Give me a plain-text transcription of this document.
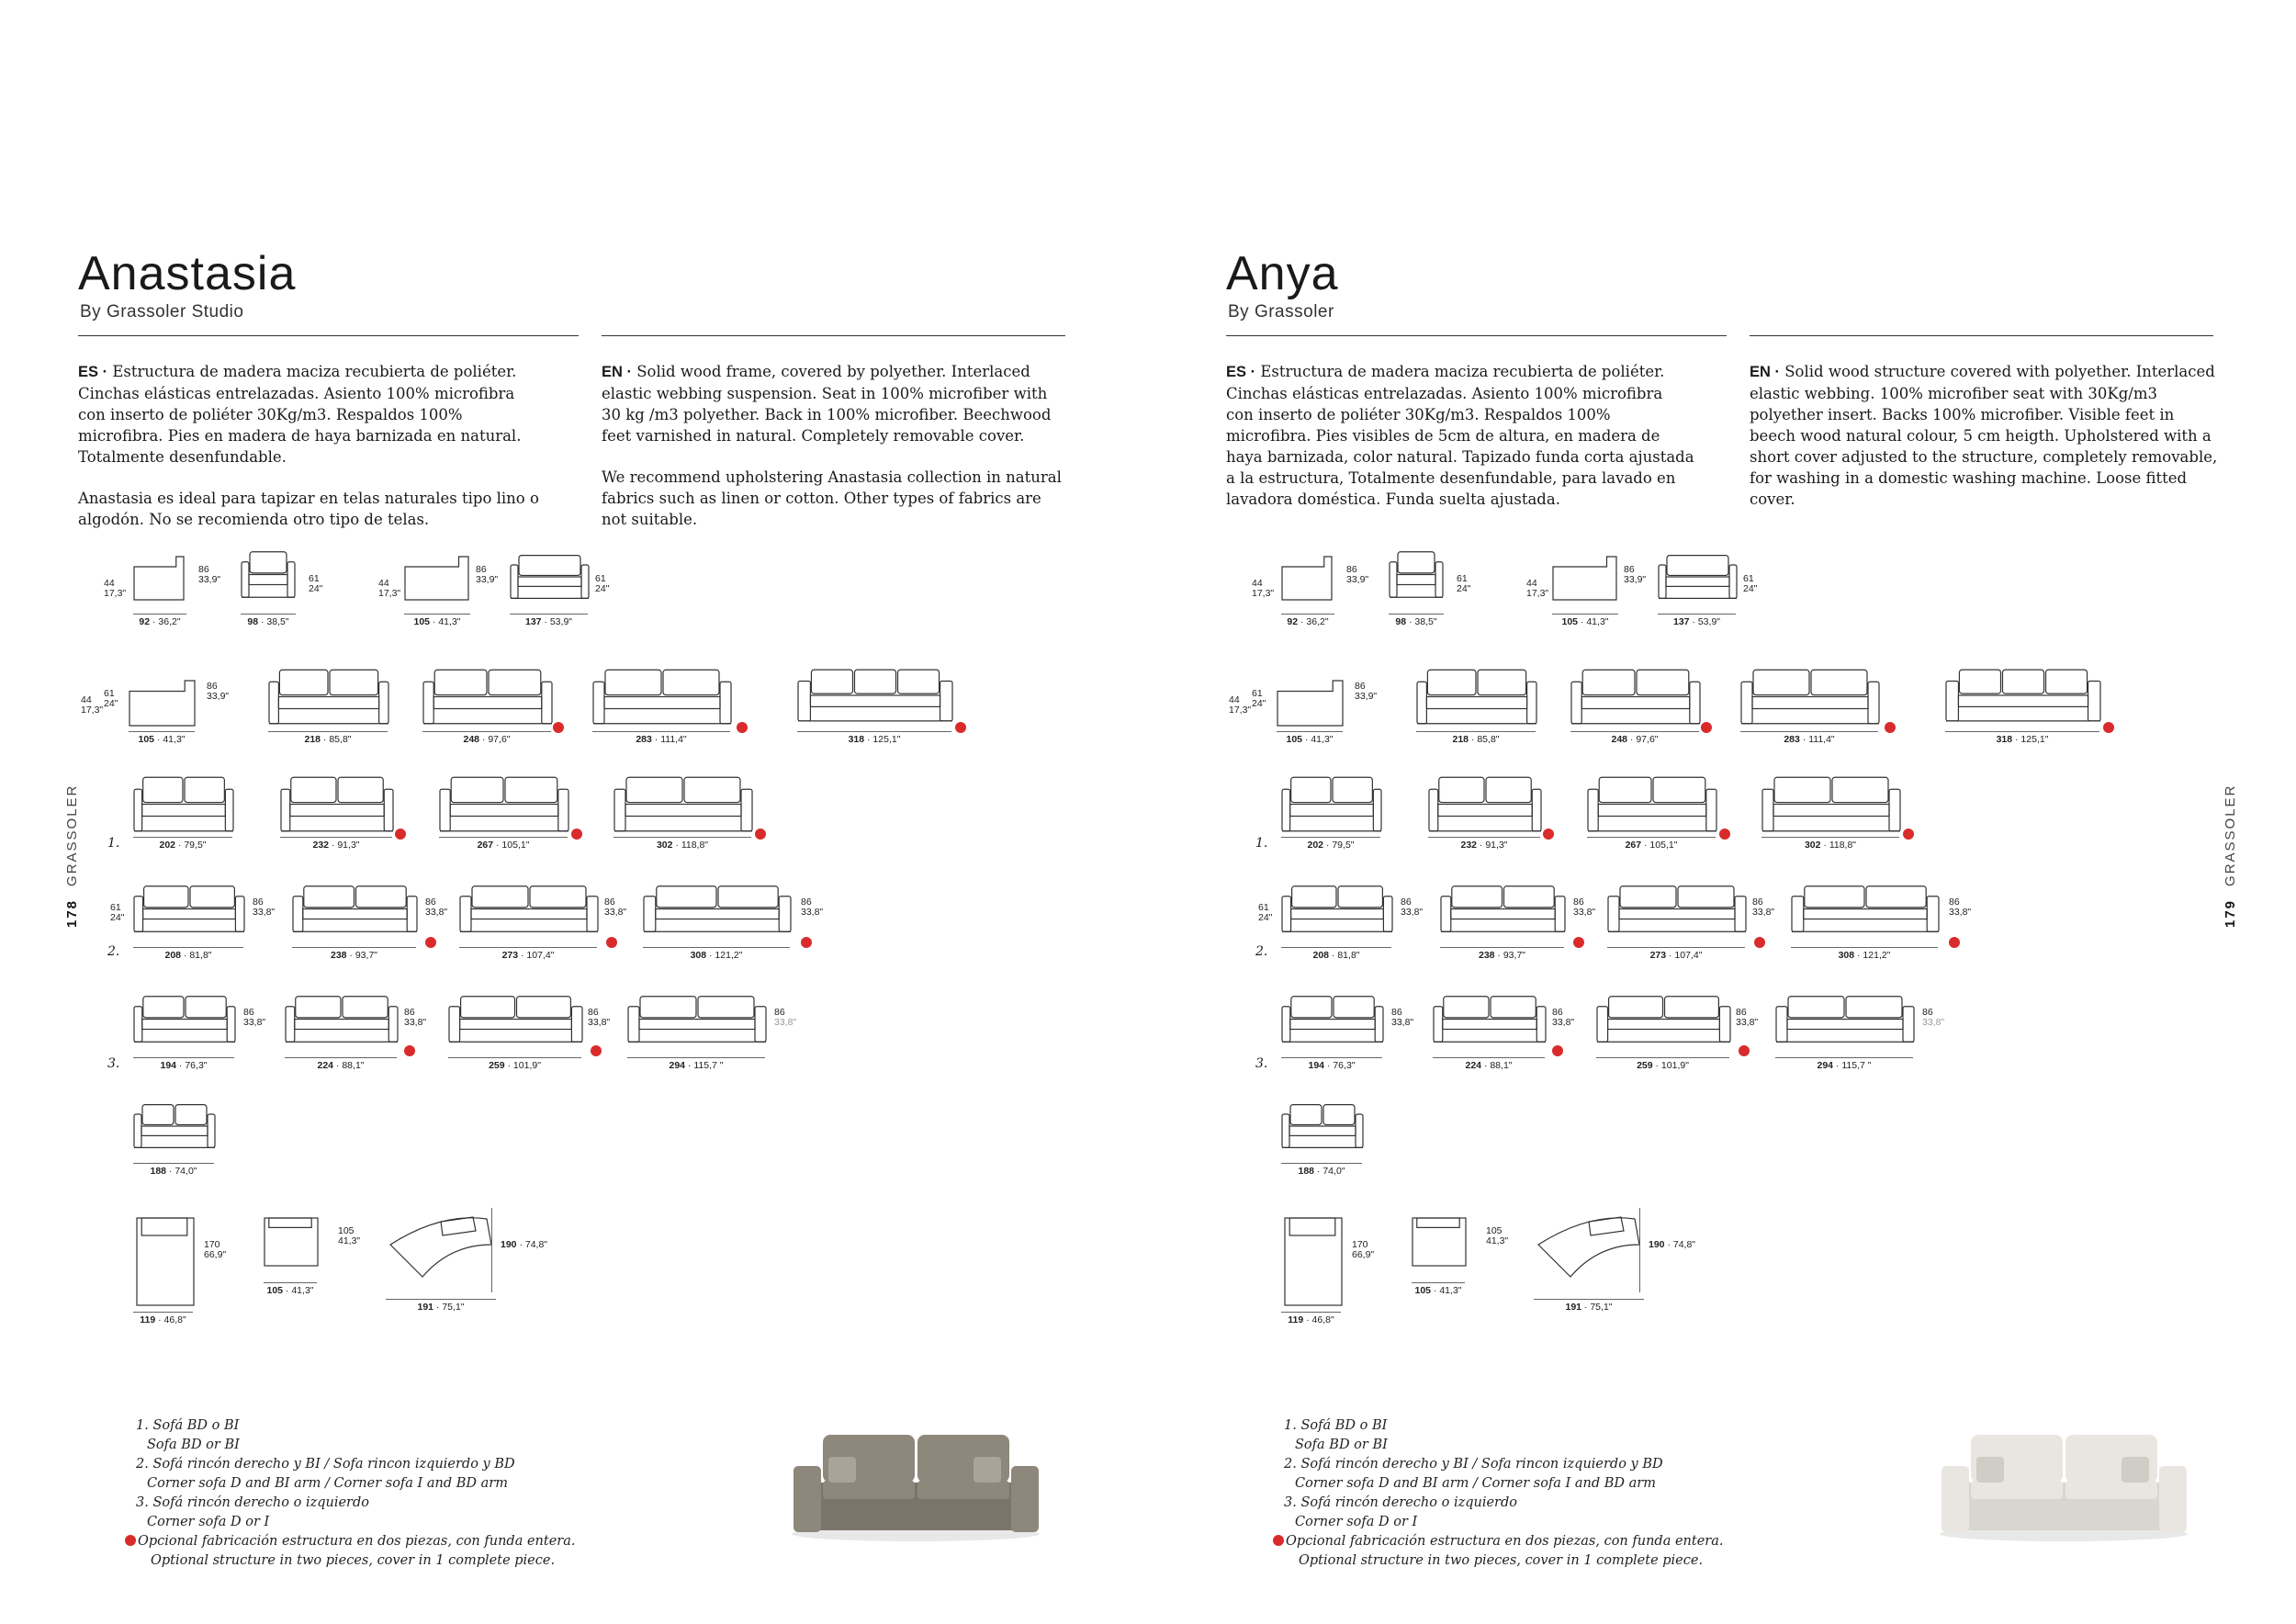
Anastasia
By Grassoler Studio

ES · Estructura de madera maciza recubierta de poliéter. Cinchas elásticas entrelazadas. Asiento 100% microfibra con inserto de poliéter 30Kg/m3. Respaldos 100% microfibra. Pies en madera de haya barnizada en natural. Totalmente desenfundable.

Anastasia es ideal para tapizar en telas naturales tipo lino o algodón. No se recomienda otro tipo de telas.

EN · Solid wood frame, covered by polyether. Interlaced elastic webbing suspension. Seat in 100% microfiber with 30 kg /m3 polyether. Back in 100% microfiber. Beechwood feet varnished in natural. Completely removable cover.

We recommend upholstering Anastasia collection in natural fabrics such as linen or cotton. Other types of fabrics are not suitable.

178GRASSOLER
44
17,3"
86
33,9"
92 · 36,2"
61
24"
98 · 38,5"
44
17,3"
86
33,9"
105 · 41,3"
61
24"
137 · 53,9"
44
17,3"
61
24"
86
33,9"
105 · 41,3"	218 · 85,8"	248 · 97,6"	283 · 111,4"	318 · 125,1"
1.	202 · 79,5"	232 · 91,3"	267 · 105,1"	302 · 118,8"
2.
61
24"
86
33,8"
208 · 81,8"
86
33,8"
238 · 93,7"
86
33,8"
273 · 107,4"
86
33,8"
308 · 121,2"
3.
86
33,8"
194 · 76,3"
86
33,8"
224 · 88,1"
86
33,8"
259 · 101,9"
86
33,8"
294 · 115,7 "
188 · 74,0"
170
66,9"
119 · 46,8"
105
41,3"
105 · 41,3"
190 · 74,8"
191 · 75,1"
1. Sofá BD o BI
Sofa BD or BI
2. Sofá rincón derecho y BI / Sofa rincon izquierdo y BD
Corner sofa D and BI arm / Corner sofa I and BD arm
3. Sofá rincón derecho o izquierdo
Corner sofa D or I
Opcional fabricación estructura en dos piezas, con funda entera.
Optional structure in two pieces, cover in 1 complete piece.
Anya
By Grassoler

ES · Estructura de madera maciza recubierta de poliéter. Cinchas elásticas entrelazadas. Asiento 100% microfibra con inserto de poliéter 30Kg/m3. Respaldos 100% microfibra. Pies visibles de 5cm de altura, en madera de haya barnizada, color natural. Tapizado funda corta ajustada a la estructura, Totalmente desenfundable, para lavado en lavadora doméstica. Funda suelta ajustada.

EN · Solid wood structure covered with polyether. Interlaced elastic webbing. 100% microfiber seat with 30Kg/m3 polyether insert. Backs 100% microfiber. Visible feet in beech wood natural colour, 5 cm heigth. Upholstered with a short cover adjusted to the structure, completely removable, for washing in a domestic washing machine. Loose fitted cover.

179GRASSOLER
44
17,3"
86
33,9"
92 · 36,2"
61
24"
98 · 38,5"
44
17,3"
86
33,9"
105 · 41,3"
61
24"
137 · 53,9"
44
17,3"
61
24"
86
33,9"
105 · 41,3"	218 · 85,8"	248 · 97,6"	283 · 111,4"	318 · 125,1"
1.	202 · 79,5"	232 · 91,3"	267 · 105,1"	302 · 118,8"
2.
61
24"
86
33,8"
208 · 81,8"
86
33,8"
238 · 93,7"
86
33,8"
273 · 107,4"
86
33,8"
308 · 121,2"
3.
86
33,8"
194 · 76,3"
86
33,8"
224 · 88,1"
86
33,8"
259 · 101,9"
86
33,8"
294 · 115,7 "
188 · 74,0"
170
66,9"
119 · 46,8"
105
41,3"
105 · 41,3"
190 · 74,8"
191 · 75,1"
1. Sofá BD o BI
Sofa BD or BI
2. Sofá rincón derecho y BI / Sofa rincon izquierdo y BD
Corner sofa D and BI arm / Corner sofa I and BD arm
3. Sofá rincón derecho o izquierdo
Corner sofa D or I
Opcional fabricación estructura en dos piezas, con funda entera.
Optional structure in two pieces, cover in 1 complete piece.
